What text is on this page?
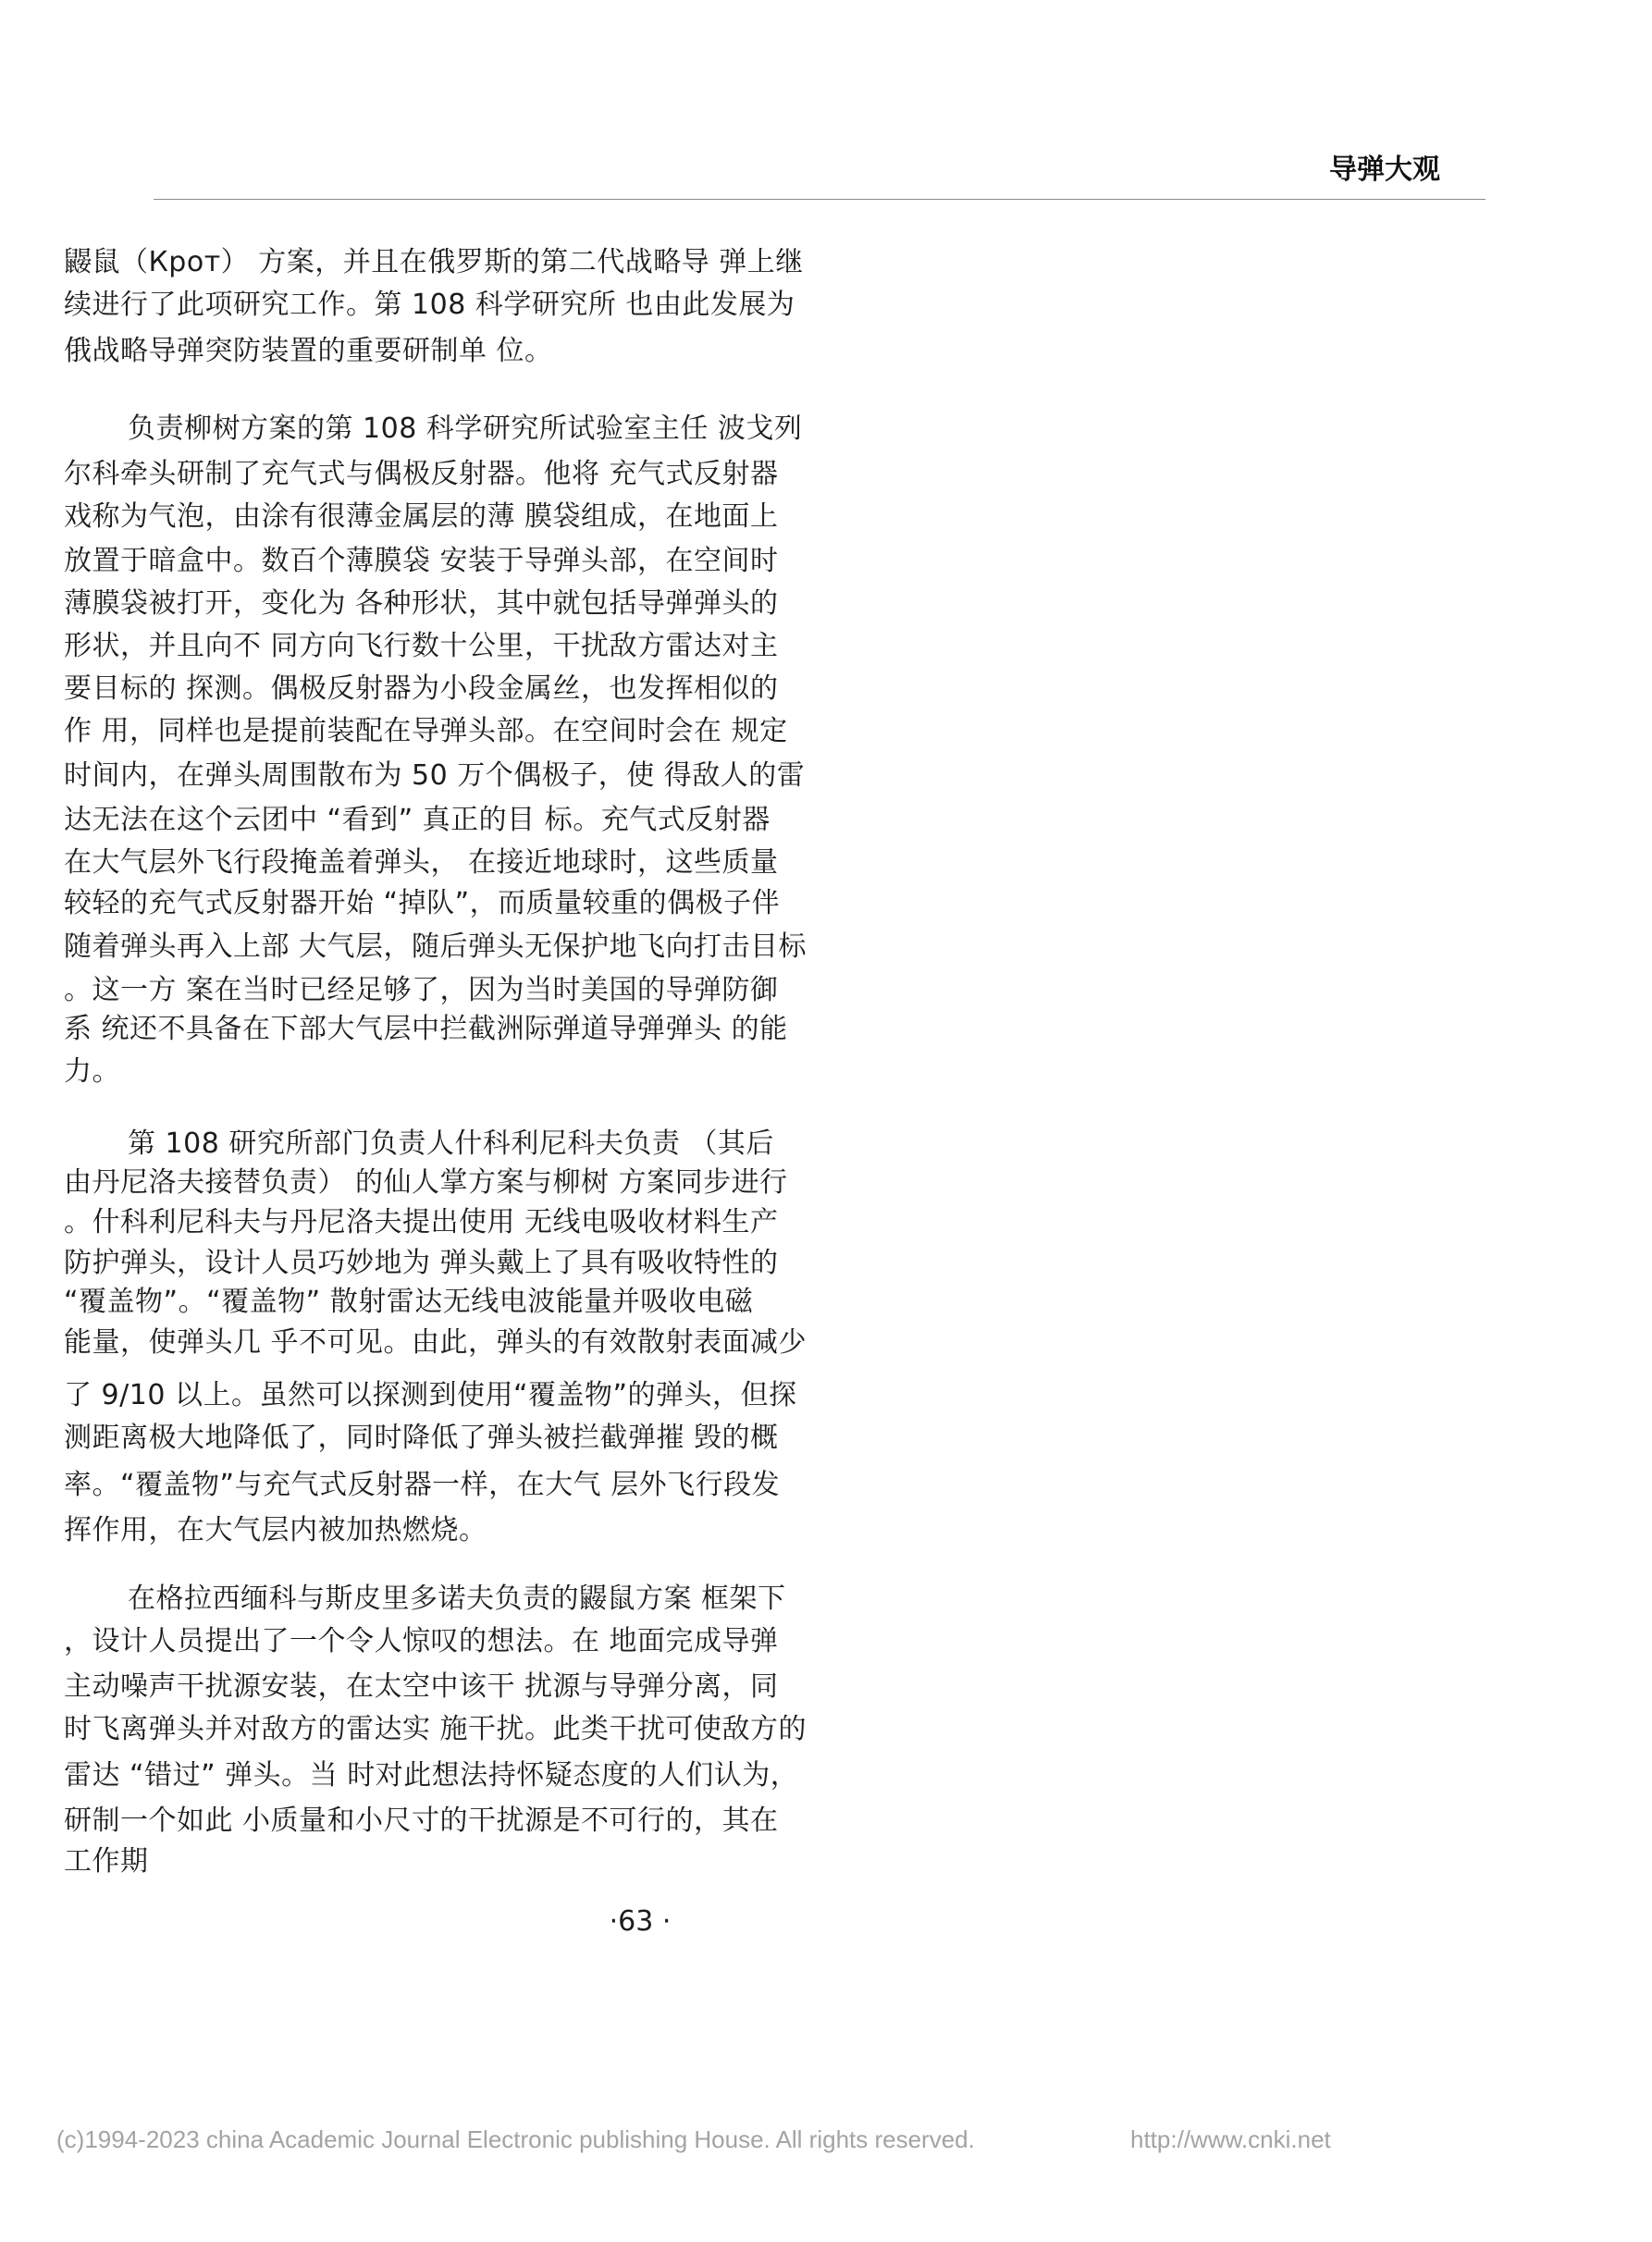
导弹大观
鼹鼠（Крот） 方案，并且在俄罗斯的第二代战略导 弹上继
续进行了此项研究工作。第 108 科学研究所 也由此发展为
俄战略导弹突防装置的重要研制单 位。
负责柳树方案的第 108 科学研究所试验室主任 波戈列
尔科牵头研制了充气式与偶极反射器。他将 充气式反射器
戏称为气泡，由涂有很薄金属层的薄 膜袋组成，在地面上
放置于暗盒中。数百个薄膜袋 安装于导弹头部，在空间时
薄膜袋被打开，变化为 各种形状，其中就包括导弹弹头的
形状，并且向不 同方向飞行数十公里，干扰敌方雷达对主
要目标的 探测。偶极反射器为小段金属丝，也发挥相似的
作 用，同样也是提前装配在导弹头部。在空间时会在 规定
时间内，在弹头周围散布为 50 万个偶极子，使 得敌人的雷
达无法在这个云团中 “看到” 真正的目 标。充气式反射器
在大气层外飞行段掩盖着弹头， 在接近地球时，这些质量
较轻的充气式反射器开始 “掉队”，而质量较重的偶极子伴
随着弹头再入上部 大气层，随后弹头无保护地飞向打击目标
。这一方 案在当时已经足够了，因为当时美国的导弹防御
系 统还不具备在下部大气层中拦截洲际弹道导弹弹头 的能
力。
第 108 研究所部门负责人什科利尼科夫负责 （其后
由丹尼洛夫接替负责） 的仙人掌方案与柳树 方案同步进行
。什科利尼科夫与丹尼洛夫提出使用 无线电吸收材料生产
防护弹头，设计人员巧妙地为 弹头戴上了具有吸收特性的
“覆盖物”。“覆盖物” 散射雷达无线电波能量并吸收电磁
能量，使弹头几 乎不可见。由此，弹头的有效散射表面减少
了 9/10 以上。虽然可以探测到使用“覆盖物”的弹头，但探
测距离极大地降低了，同时降低了弹头被拦截弹摧 毁的概
率。“覆盖物”与充气式反射器一样，在大气 层外飞行段发
挥作用，在大气层内被加热燃烧。
在格拉西缅科与斯皮里多诺夫负责的鼹鼠方案 框架下
，设计人员提出了一个令人惊叹的想法。在 地面完成导弹
主动噪声干扰源安装，在太空中该干 扰源与导弹分离，同
时飞离弹头并对敌方的雷达实 施干扰。此类干扰可使敌方的
雷达 “错过” 弹头。当 时对此想法持怀疑态度的人们认为，
研制一个如此 小质量和小尺寸的干扰源是不可行的，其在
工作期
·63 ·
(c)1994-2023 china Academic Journal Electronic publishing House. All rights reserved.	http://www.cnki.net
